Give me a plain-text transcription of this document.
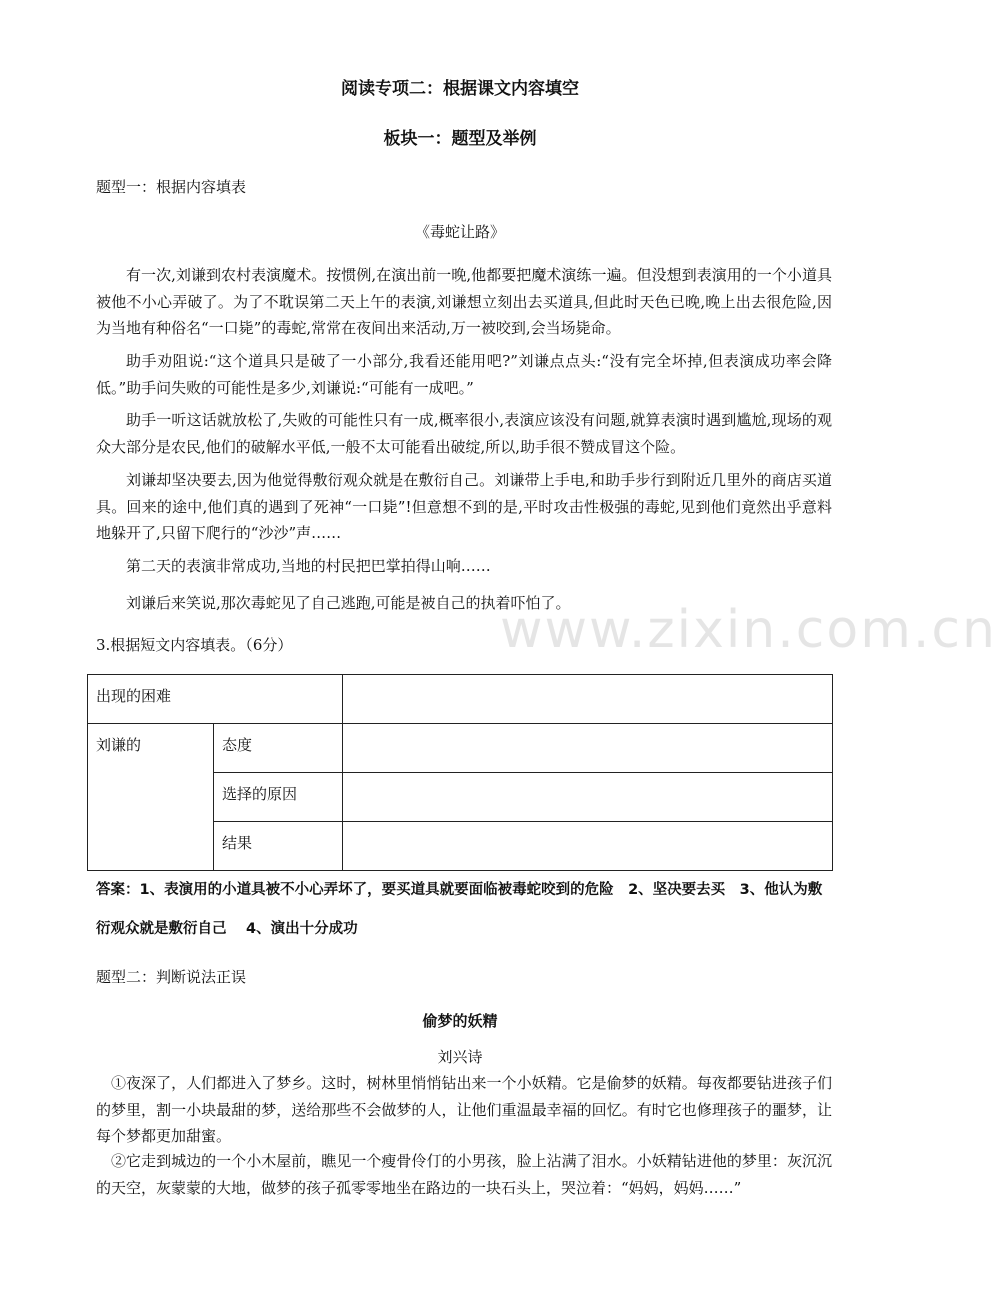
阅读专项二：根据课文内容填空
板块一：题型及举例
题型一：根据内容填表
《毒蛇让路》
有一次,刘谦到农村表演魔术。按惯例,在演出前一晚,他都要把魔术演练一遍。但没想到表演用的一个小道具被他不小心弄破了。为了不耽误第二天上午的表演,刘谦想立刻出去买道具,但此时天色已晚,晚上出去很危险,因为当地有种俗名“一口毙”的毒蛇,常常在夜间出来活动,万一被咬到,会当场毙命。
助手劝阻说:“这个道具只是破了一小部分,我看还能用吧?”刘谦点点头:“没有完全坏掉,但表演成功率会降低。”助手问失败的可能性是多少,刘谦说:“可能有一成吧。”
助手一听这话就放松了,失败的可能性只有一成,概率很小,表演应该没有问题,就算表演时遇到尴尬,现场的观众大部分是农民,他们的破解水平低,一般不太可能看出破绽,所以,助手很不赞成冒这个险。
刘谦却坚决要去,因为他觉得敷衍观众就是在敷衍自己。刘谦带上手电,和助手步行到附近几里外的商店买道具。回来的途中,他们真的遇到了死神“一口毙”!但意想不到的是,平时攻击性极强的毒蛇,见到他们竟然出乎意料地躲开了,只留下爬行的“沙沙”声……
第二天的表演非常成功,当地的村民把巴掌拍得山响……
刘谦后来笑说,那次毒蛇见了自己逃跑,可能是被自己的执着吓怕了。
www.zixin.com.cn
3.根据短文内容填表。（6分）
出现的困难		
刘谦的	态度	
	选择的原因	
	结果	
答案：1、表演用的小道具被不小心弄坏了，要买道具就要面临被毒蛇咬到的危险　2、坚决要去买　3、他认为敷衍观众就是敷衍自己　 4、演出十分成功
题型二：判断说法正误
偷梦的妖精
刘兴诗
①夜深了，人们都进入了梦乡。这时，树林里悄悄钻出来一个小妖精。它是偷梦的妖精。每夜都要钻进孩子们的梦里，割一小块最甜的梦，送给那些不会做梦的人，让他们重温最幸福的回忆。有时它也修理孩子的噩梦，让每个梦都更加甜蜜。
②它走到城边的一个小木屋前，瞧见一个瘦骨伶仃的小男孩，脸上沾满了泪水。小妖精钻进他的梦里：灰沉沉的天空，灰蒙蒙的大地，做梦的孩子孤零零地坐在路边的一块石头上，哭泣着：“妈妈，妈妈……”
